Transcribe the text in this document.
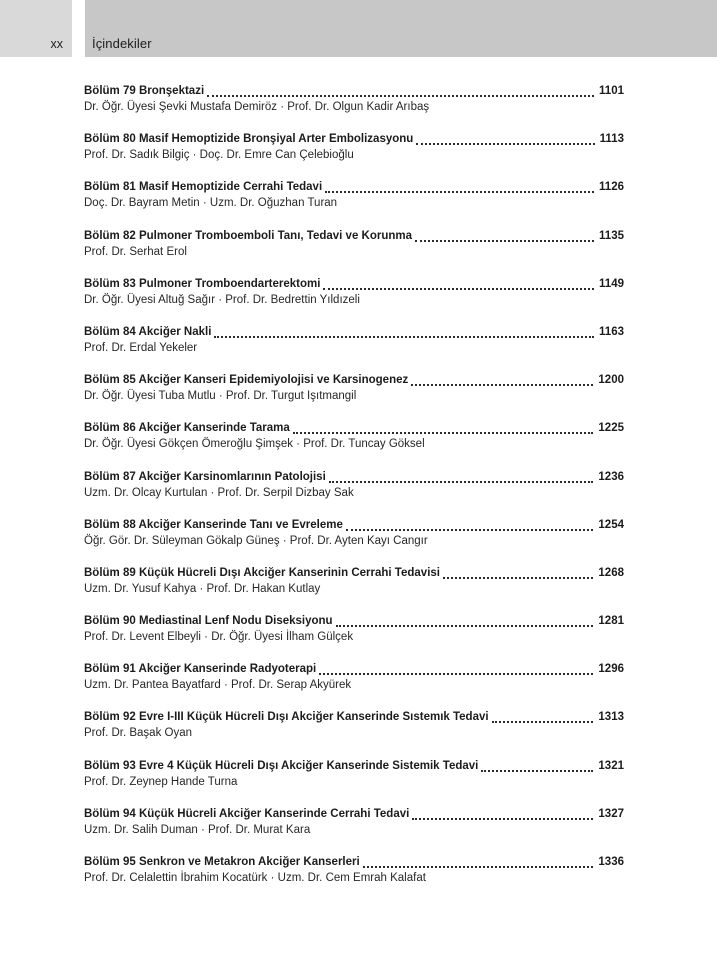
xx İçindekiler
Bölüm 79 Bronşektazi	1101
Dr. Öğr. Üyesi Şevki Mustafa Demiröz · Prof. Dr. Olgun Kadir Arıbaş
Bölüm 80 Masif Hemoptizide Bronşiyal Arter Embolizasyonu	1113
Prof. Dr. Sadık Bilgiç · Doç. Dr. Emre Can Çelebioğlu
Bölüm 81 Masif Hemoptizide Cerrahi Tedavi	1126
Doç. Dr. Bayram Metin · Uzm. Dr. Oğuzhan Turan
Bölüm 82 Pulmoner Tromboemboli Tanı, Tedavi ve Korunma	1135
Prof. Dr. Serhat Erol
Bölüm 83 Pulmoner Tromboendarterektomi	1149
Dr. Öğr. Üyesi Altuğ Sağır · Prof. Dr. Bedrettin Yıldızeli
Bölüm 84 Akciğer Nakli	1163
Prof. Dr. Erdal Yekeler
Bölüm 85 Akciğer Kanseri Epidemiyolojisi ve Karsinogenez	1200
Dr. Öğr. Üyesi Tuba Mutlu · Prof. Dr. Turgut Işıtmangil
Bölüm 86 Akciğer Kanserinde Tarama	1225
Dr. Öğr. Üyesi Gökçen Ömeroğlu Şimşek · Prof. Dr. Tuncay Göksel
Bölüm 87 Akciğer Karsinomlarının Patolojisi	1236
Uzm. Dr. Olcay Kurtulan · Prof. Dr. Serpil Dizbay Sak
Bölüm 88 Akciğer Kanserinde Tanı ve Evreleme	1254
Öğr. Gör. Dr. Süleyman Gökalp Güneş · Prof. Dr. Ayten Kayı Cangır
Bölüm 89 Küçük Hücreli Dışı Akciğer Kanserinin Cerrahi Tedavisi	1268
Uzm. Dr. Yusuf Kahya · Prof. Dr. Hakan Kutlay
Bölüm 90 Mediastinal Lenf Nodu Diseksiyonu	1281
Prof. Dr. Levent Elbeyli · Dr. Öğr. Üyesi İlham Gülçek
Bölüm 91 Akciğer Kanserinde Radyoterapi	1296
Uzm. Dr. Pantea Bayatfard · Prof. Dr. Serap Akyürek
Bölüm 92 Evre I-III Küçük Hücreli Dışı Akciğer Kanserinde Sıstemık Tedavi	1313
Prof. Dr. Başak Oyan
Bölüm 93 Evre 4 Küçük Hücreli Dışı Akciğer Kanserinde Sistemik Tedavi	1321
Prof. Dr. Zeynep Hande Turna
Bölüm 94 Küçük Hücreli Akciğer Kanserinde Cerrahi Tedavi	1327
Uzm. Dr. Salih Duman · Prof. Dr. Murat Kara
Bölüm 95 Senkron ve Metakron Akciğer Kanserleri	1336
Prof. Dr. Celalettin İbrahim Kocatürk · Uzm. Dr. Cem Emrah Kalafat
